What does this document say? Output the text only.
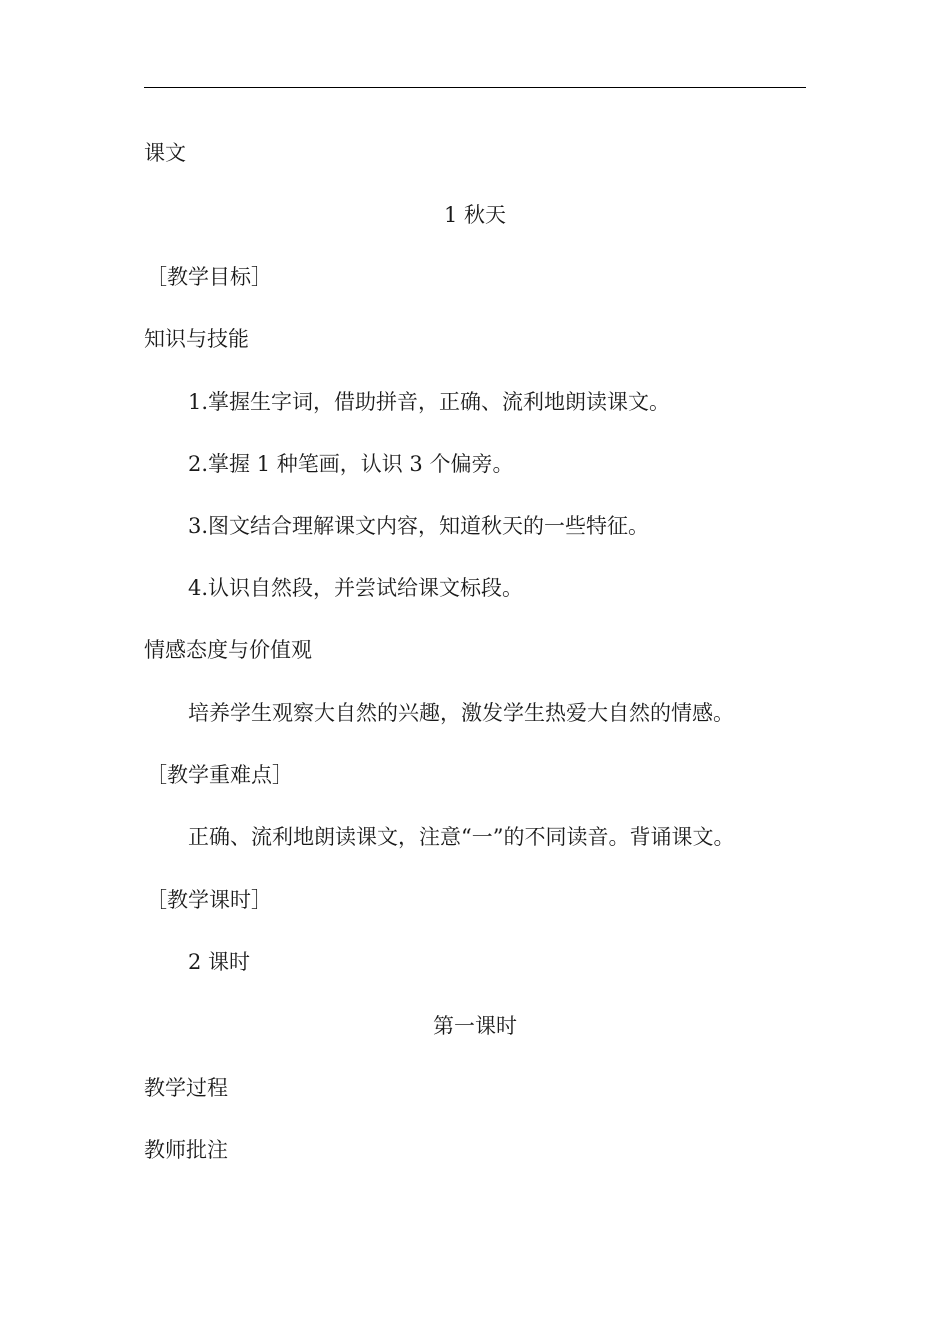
课文
1 秋天
［教学目标］
知识与技能
1.掌握生字词，借助拼音，正确、流利地朗读课文。
2.掌握 1 种笔画，认识 3 个偏旁。
3.图文结合理解课文内容，知道秋天的一些特征。
4.认识自然段，并尝试给课文标段。
情感态度与价值观
培养学生观察大自然的兴趣，激发学生热爱大自然的情感。
［教学重难点］
正确、流利地朗读课文，注意“一”的不同读音。背诵课文。
［教学课时］
2 课时
第一课时
教学过程
教师批注
